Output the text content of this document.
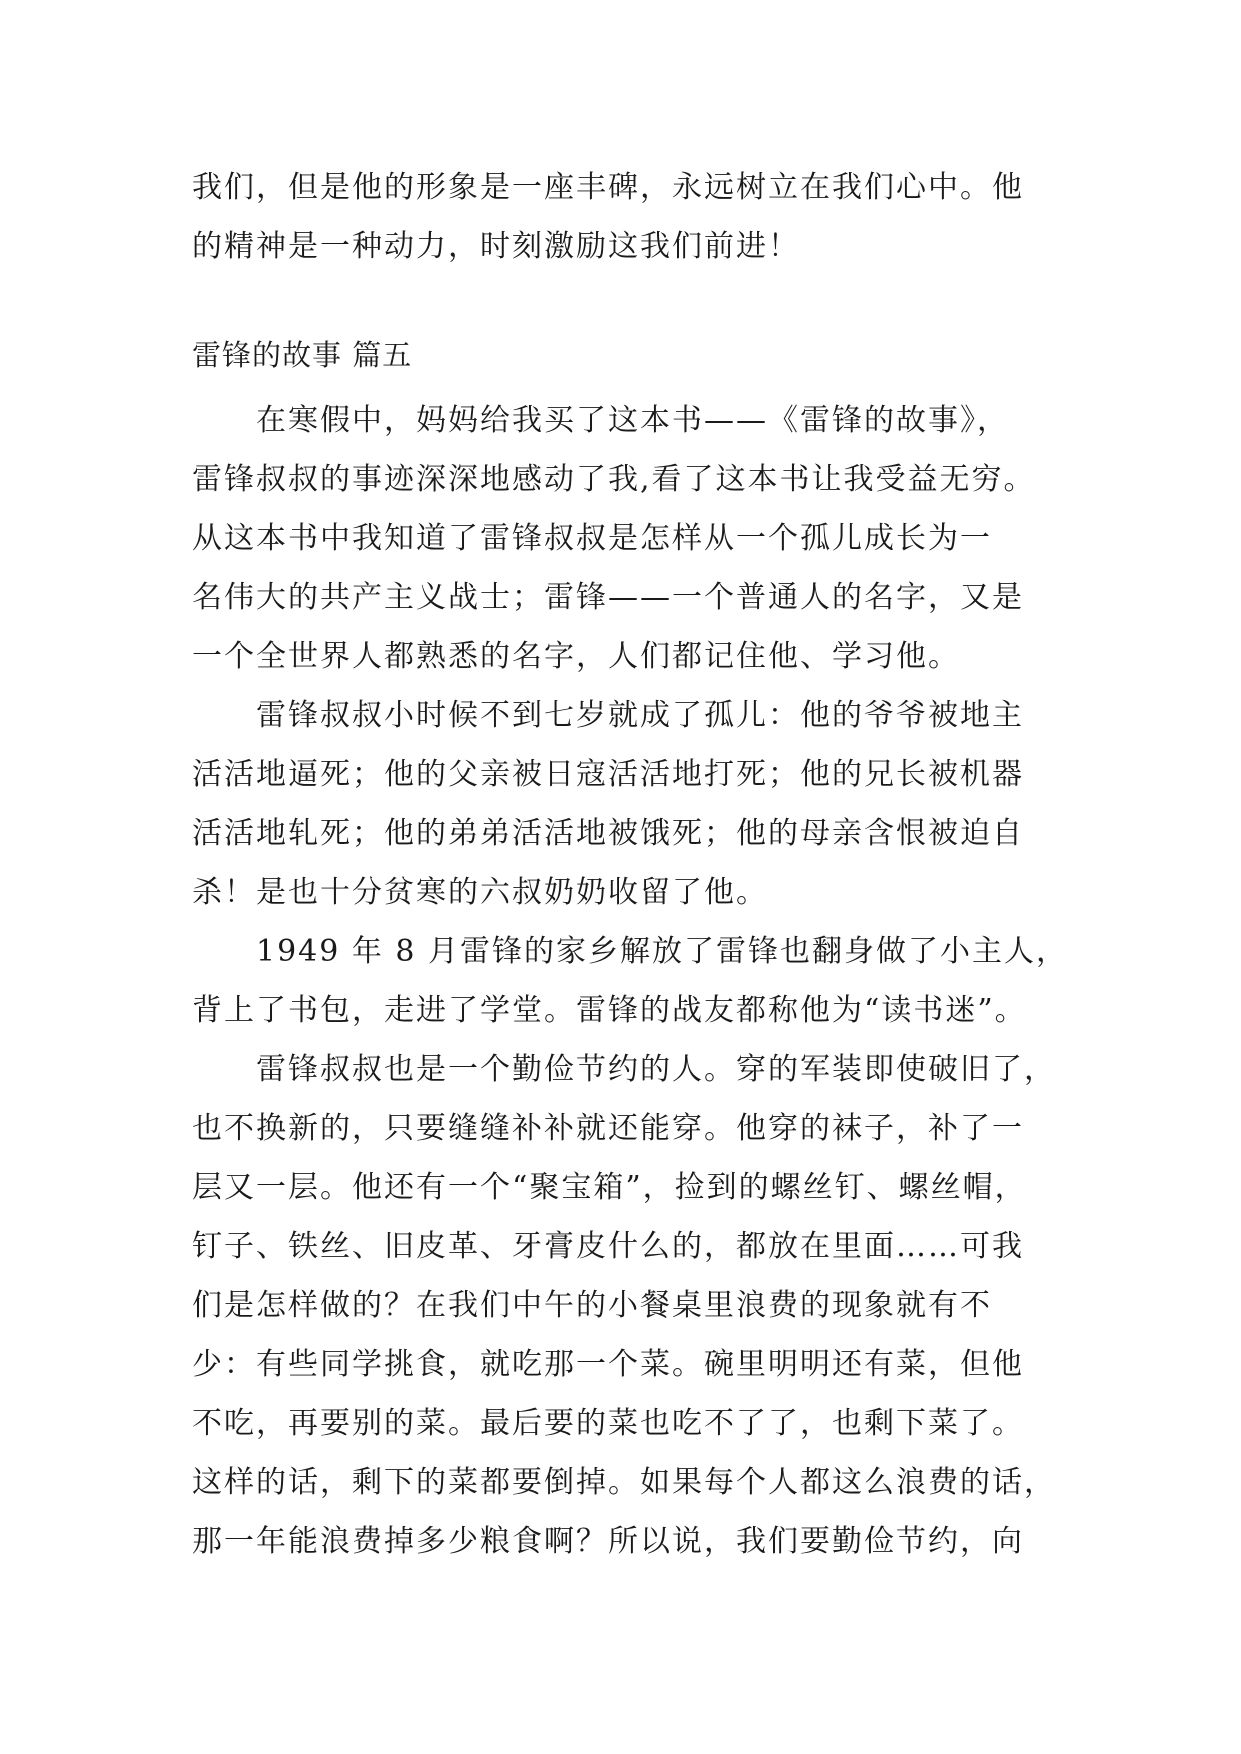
我们，但是他的形象是一座丰碑，永远树立在我们心中。他
的精神是一种动力，时刻激励这我们前进！
雷锋的故事 篇五
在寒假中，妈妈给我买了这本书——《雷锋的故事》，
雷锋叔叔的事迹深深地感动了我,看了这本书让我受益无穷。
从这本书中我知道了雷锋叔叔是怎样从一个孤儿成长为一
名伟大的共产主义战士；雷锋——一个普通人的名字，又是
一个全世界人都熟悉的名字，人们都记住他、学习他。
雷锋叔叔小时候不到七岁就成了孤儿：他的爷爷被地主
活活地逼死；他的父亲被日寇活活地打死；他的兄长被机器
活活地轧死；他的弟弟活活地被饿死；他的母亲含恨被迫自
杀！是也十分贫寒的六叔奶奶收留了他。
1949 年 8 月雷锋的家乡解放了雷锋也翻身做了小主人，
背上了书包，走进了学堂。雷锋的战友都称他为“读书迷”。
雷锋叔叔也是一个勤俭节约的人。穿的军装即使破旧了，
也不换新的，只要缝缝补补就还能穿。他穿的袜子，补了一
层又一层。他还有一个“聚宝箱”，捡到的螺丝钉、螺丝帽，
钉子、铁丝、旧皮革、牙膏皮什么的，都放在里面……可我
们是怎样做的？在我们中午的小餐桌里浪费的现象就有不
少：有些同学挑食，就吃那一个菜。碗里明明还有菜，但他
不吃，再要别的菜。最后要的菜也吃不了了，也剩下菜了。
这样的话，剩下的菜都要倒掉。如果每个人都这么浪费的话，
那一年能浪费掉多少粮食啊？所以说，我们要勤俭节约，向
